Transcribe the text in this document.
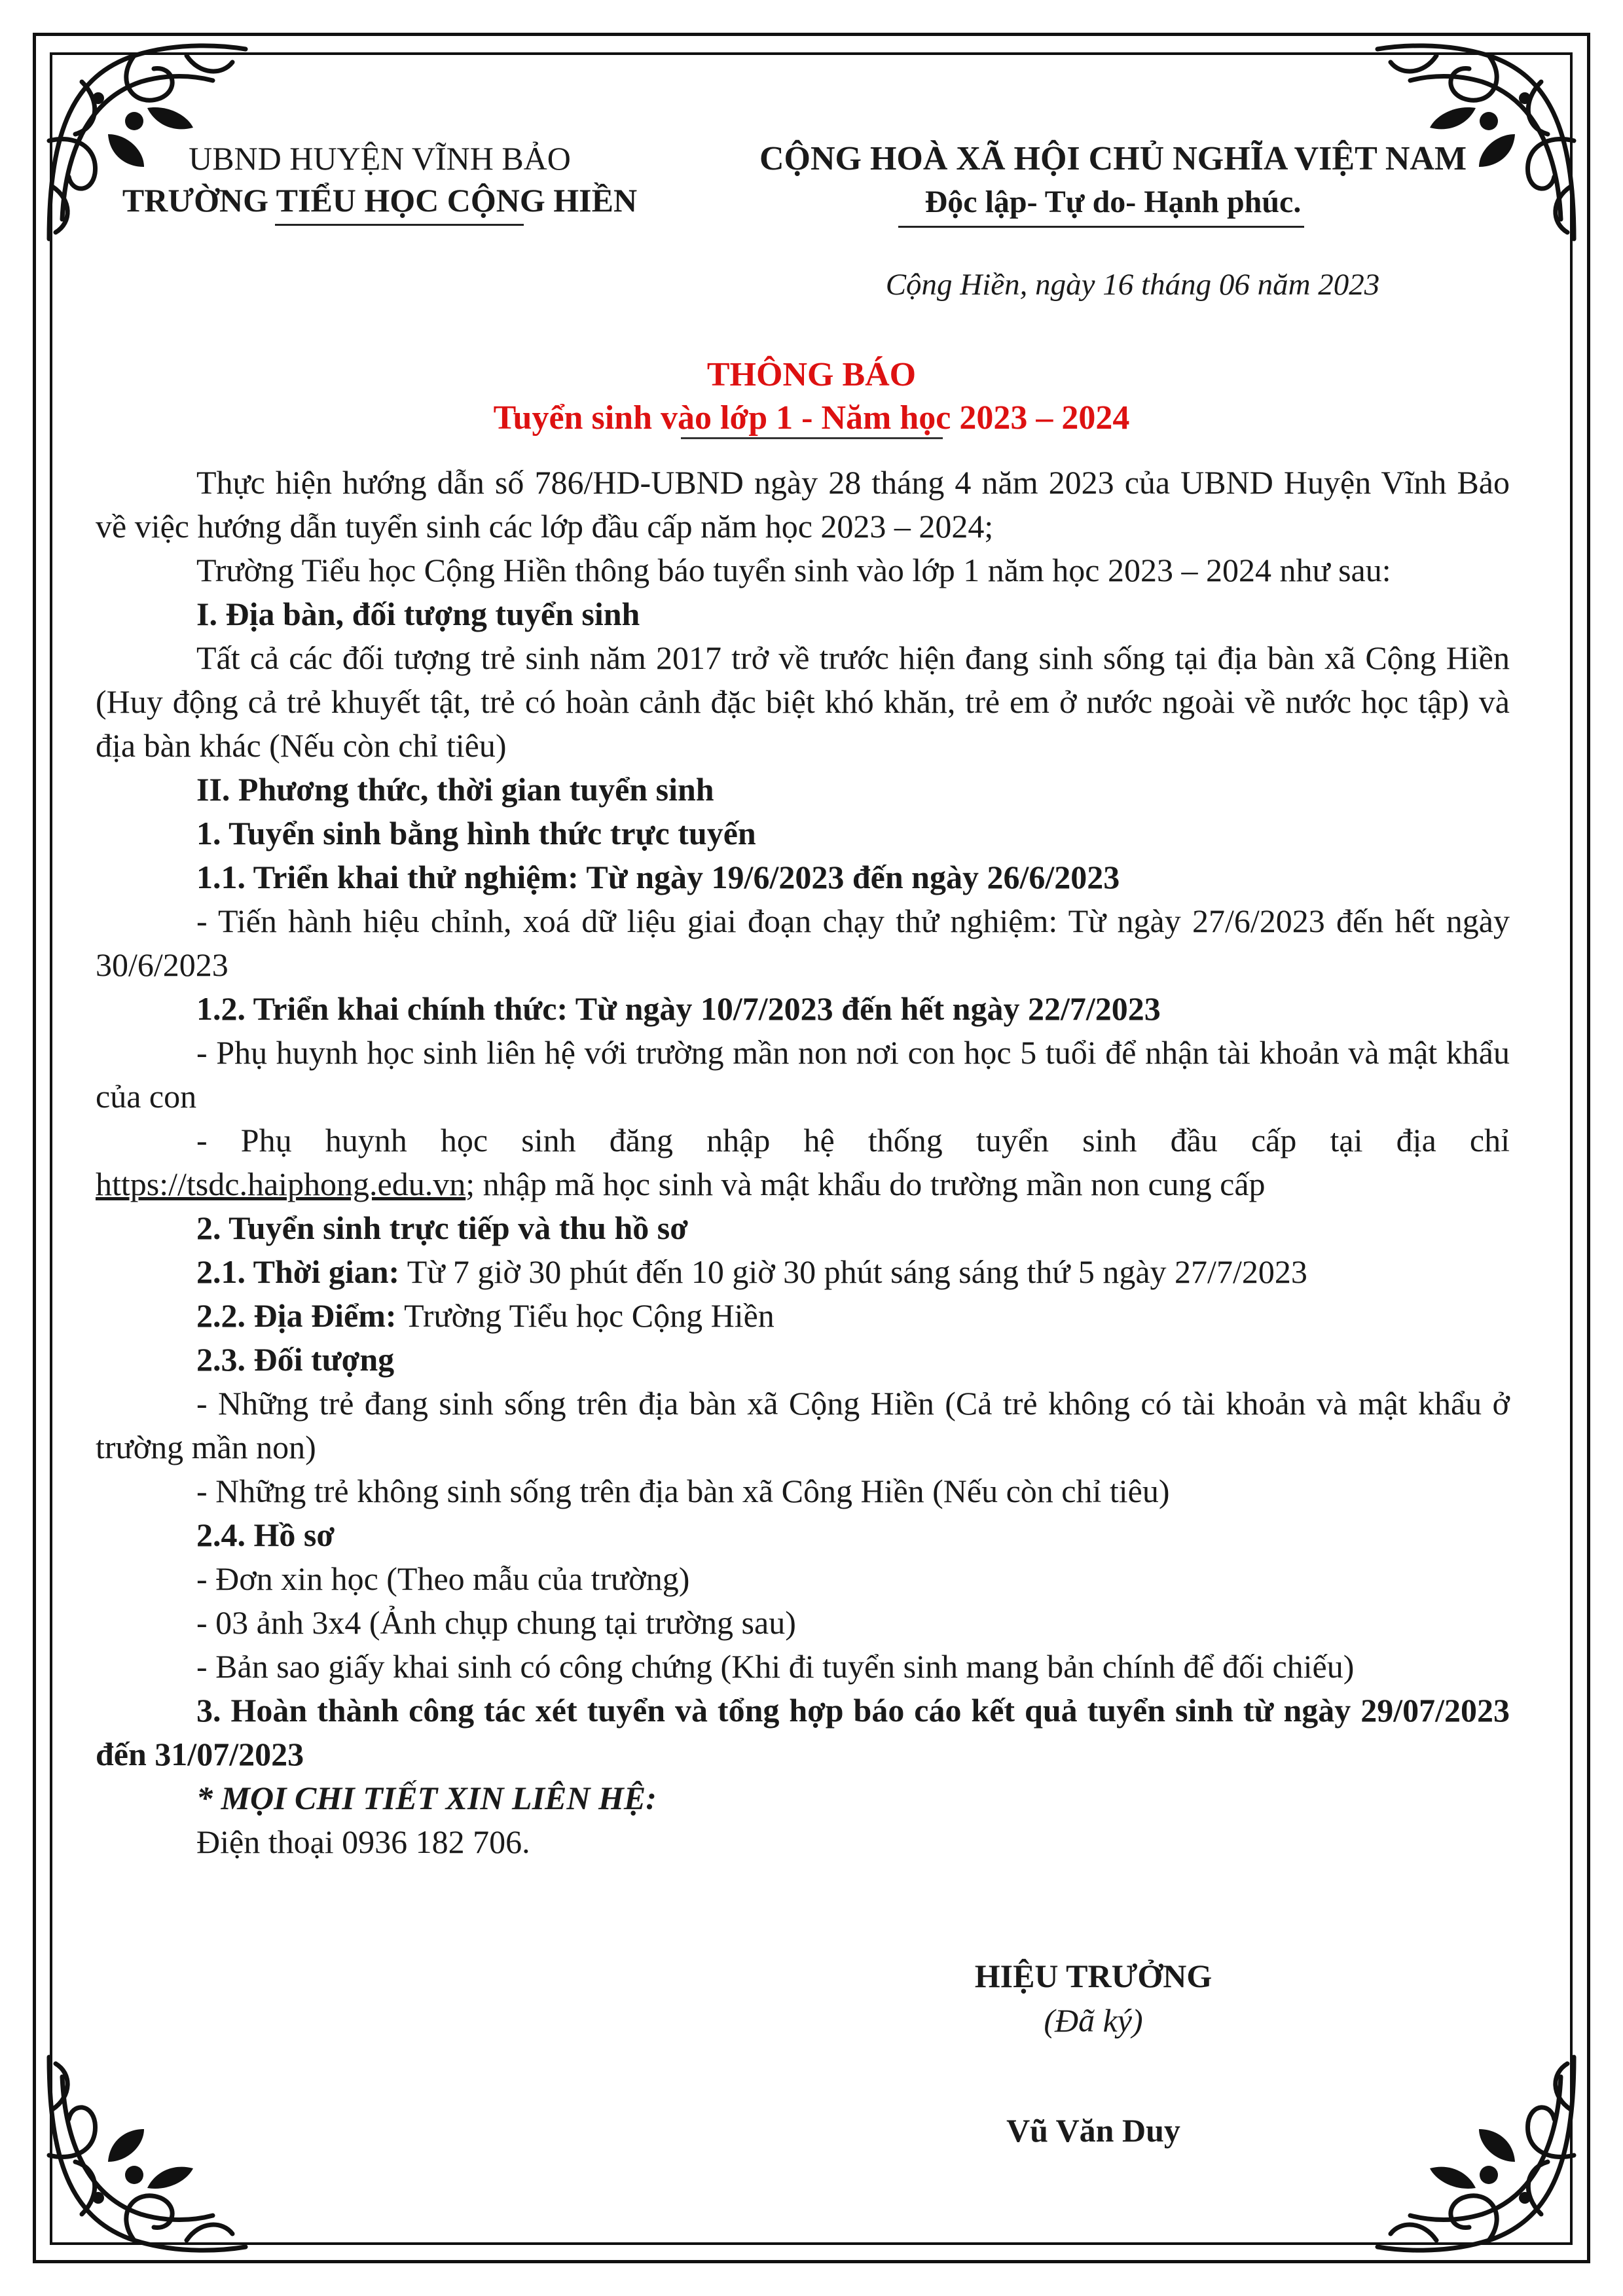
UBND HUYỆN VĨNH BẢO
TRƯỜNG TIỂU HỌC CỘNG HIỀN
CỘNG HOÀ XÃ HỘI CHỦ NGHĨA VIỆT NAM
Độc lập- Tự do- Hạnh phúc.
Cộng Hiền, ngày 16 tháng 06 năm 2023
THÔNG BÁO
Tuyển sinh vào lớp 1 - Năm học 2023 – 2024

Thực hiện hướng dẫn số 786/HD-UBND ngày 28 tháng 4 năm 2023 của UBND Huyện Vĩnh Bảo về việc hướng dẫn tuyển sinh các lớp đầu cấp năm học 2023 – 2024;

Trường Tiểu học Cộng Hiền thông báo tuyển sinh vào lớp 1 năm học 2023 – 2024 như sau:

I. Địa bàn, đối tượng tuyển sinh

Tất cả các đối tượng trẻ sinh năm 2017 trở về trước hiện đang sinh sống tại địa bàn xã Cộng Hiền (Huy động cả trẻ khuyết tật, trẻ có hoàn cảnh đặc biệt khó khăn, trẻ em ở nước ngoài về nước học tập) và địa bàn khác (Nếu còn chỉ tiêu)

II. Phương thức, thời gian tuyển sinh

1. Tuyển sinh bằng hình thức trực tuyến

1.1. Triển khai thử nghiệm: Từ ngày 19/6/2023 đến ngày 26/6/2023

- Tiến hành hiệu chỉnh, xoá dữ liệu giai đoạn chạy thử nghiệm: Từ ngày 27/6/2023 đến hết ngày 30/6/2023

1.2. Triển khai chính thức: Từ ngày 10/7/2023 đến hết ngày 22/7/2023

- Phụ huynh học sinh liên hệ với trường mần non nơi con học 5 tuổi để nhận tài khoản và mật khẩu của con

- Phụ huynh học sinh đăng nhập hệ thống tuyển sinh đầu cấp tại địa chỉ https://tsdc.haiphong.edu.vn; nhập mã học sinh và mật khẩu do trường mần non cung cấp

2. Tuyển sinh trực tiếp và thu hồ sơ

2.1. Thời gian: Từ 7 giờ 30 phút đến 10 giờ 30 phút sáng sáng thứ 5 ngày 27/7/2023

2.2. Địa Điểm: Trường Tiểu học Cộng Hiền

2.3. Đối tượng

- Những trẻ đang sinh sống trên địa bàn xã Cộng Hiền (Cả trẻ không có tài khoản và mật khẩu ở trường mần non)

- Những trẻ không sinh sống trên địa bàn xã Công Hiền (Nếu còn chỉ tiêu)

2.4. Hồ sơ

- Đơn xin học (Theo mẫu của trường)

- 03 ảnh 3x4 (Ảnh chụp chung tại trường sau)

- Bản sao giấy khai sinh có công chứng (Khi đi tuyển sinh mang bản chính để đối chiếu)

3. Hoàn thành công tác xét tuyển và tổng hợp báo cáo kết quả tuyển sinh từ ngày 29/07/2023 đến 31/07/2023

* MỌI CHI TIẾT XIN LIÊN HỆ:

Điện thoại 0936 182 706.

HIỆU TRƯỞNG
(Đã ký)
Vũ Văn Duy
